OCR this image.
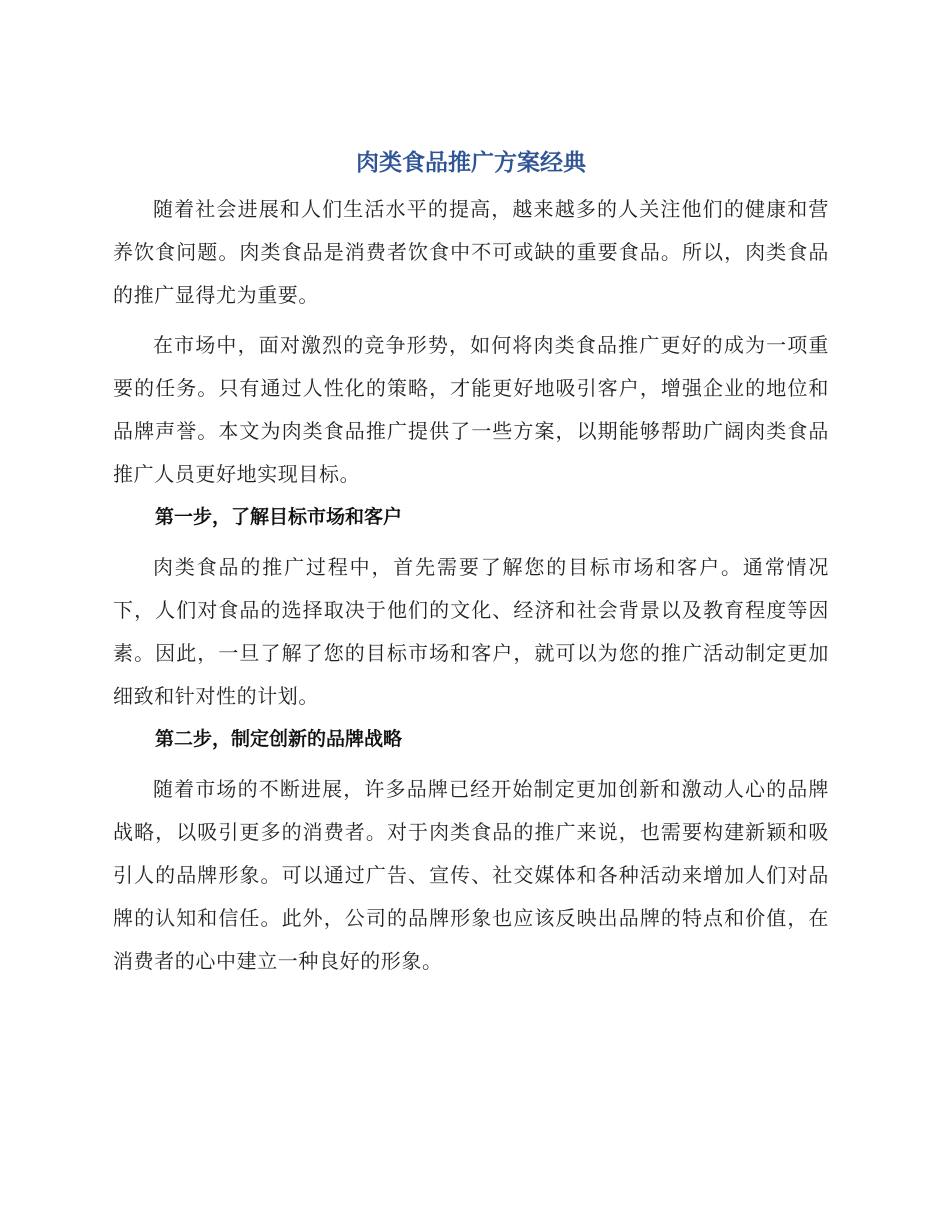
肉类食品推广方案经典

随着社会进展和人们生活水平的提高，越来越多的人关注他们的健康和营养饮食问题。肉类食品是消费者饮食中不可或缺的重要食品。所以，肉类食品的推广显得尤为重要。

在市场中，面对激烈的竞争形势，如何将肉类食品推广更好的成为一项重要的任务。只有通过人性化的策略，才能更好地吸引客户，增强企业的地位和品牌声誉。本文为肉类食品推广提供了一些方案，以期能够帮助广阔肉类食品推广人员更好地实现目标。

第一步，了解目标市场和客户

肉类食品的推广过程中，首先需要了解您的目标市场和客户。通常情况下，人们对食品的选择取决于他们的文化、经济和社会背景以及教育程度等因素。因此，一旦了解了您的目标市场和客户，就可以为您的推广活动制定更加细致和针对性的计划。

第二步，制定创新的品牌战略

随着市场的不断进展，许多品牌已经开始制定更加创新和激动人心的品牌战略，以吸引更多的消费者。对于肉类食品的推广来说，也需要构建新颖和吸引人的品牌形象。可以通过广告、宣传、社交媒体和各种活动来增加人们对品牌的认知和信任。此外，公司的品牌形象也应该反映出品牌的特点和价值，在消费者的心中建立一种良好的形象。
